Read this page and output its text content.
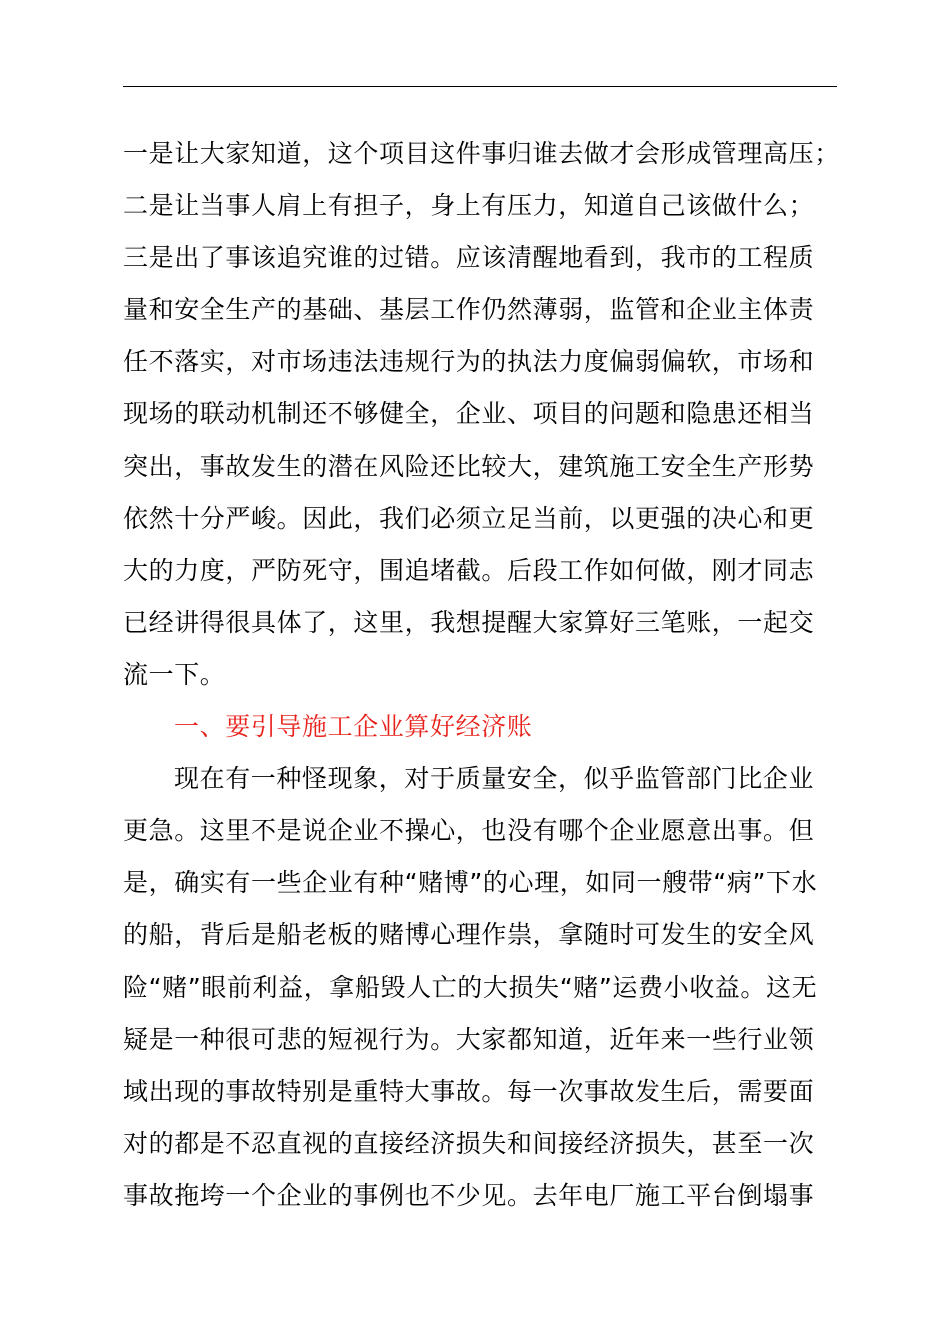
一是让大家知道，这个项目这件事归谁去做才会形成管理高压；
二是让当事人肩上有担子，身上有压力，知道自己该做什么；
三是出了事该追究谁的过错。应该清醒地看到，我市的工程质
量和安全生产的基础、基层工作仍然薄弱，监管和企业主体责
任不落实，对市场违法违规行为的执法力度偏弱偏软，市场和
现场的联动机制还不够健全，企业、项目的问题和隐患还相当
突出，事故发生的潜在风险还比较大，建筑施工安全生产形势
依然十分严峻。因此，我们必须立足当前，以更强的决心和更
大的力度，严防死守，围追堵截。后段工作如何做，刚才同志
已经讲得很具体了，这里，我想提醒大家算好三笔账，一起交
流一下。
一、要引导施工企业算好经济账
现在有一种怪现象，对于质量安全，似乎监管部门比企业
更急。这里不是说企业不操心，也没有哪个企业愿意出事。但
是，确实有一些企业有种“赌博”的心理，如同一艘带“病”下水
的船，背后是船老板的赌博心理作祟，拿随时可发生的安全风
险“赌”眼前利益，拿船毁人亡的大损失“赌”运费小收益。这无
疑是一种很可悲的短视行为。大家都知道，近年来一些行业领
域出现的事故特别是重特大事故。每一次事故发生后，需要面
对的都是不忍直视的直接经济损失和间接经济损失，甚至一次
事故拖垮一个企业的事例也不少见。去年电厂施工平台倒塌事
